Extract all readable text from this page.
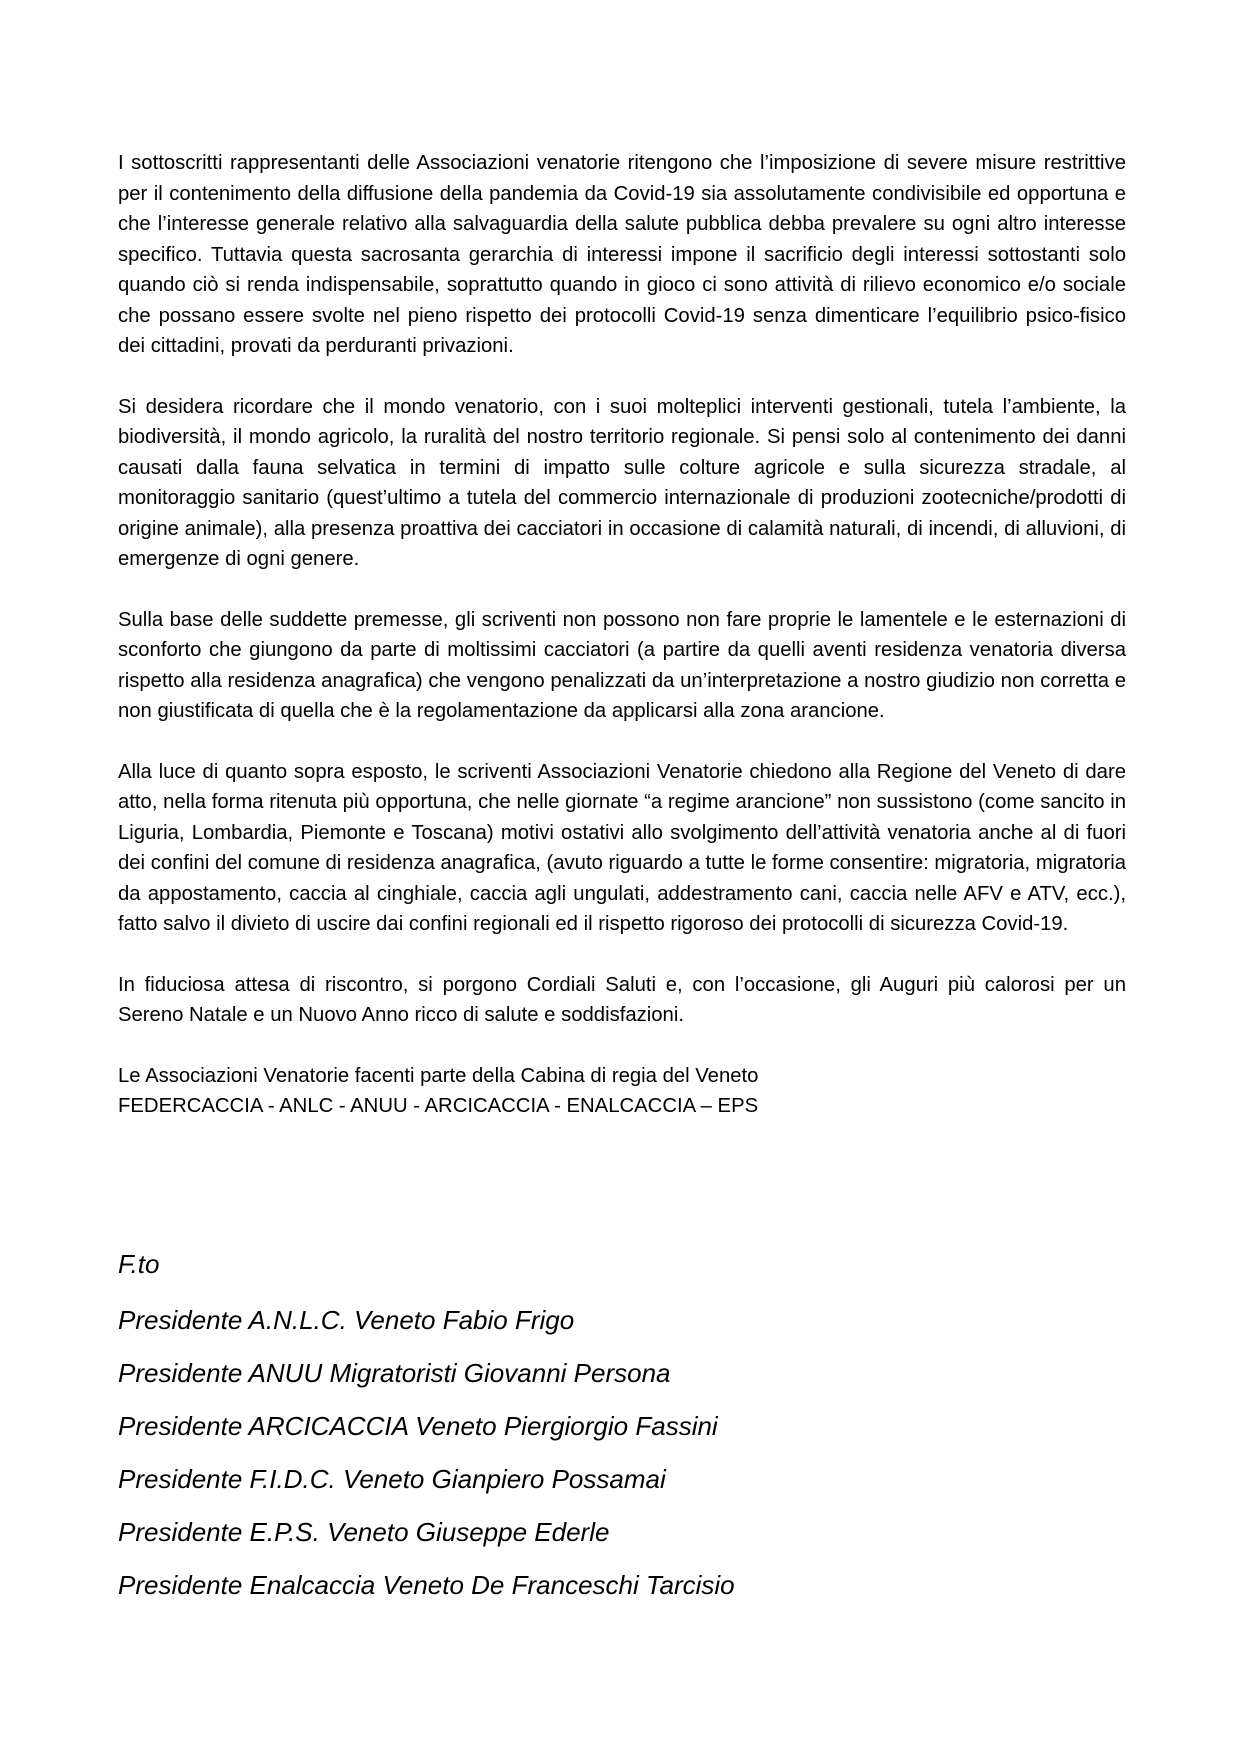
I sottoscritti rappresentanti delle Associazioni venatorie ritengono che l’imposizione di severe misure restrittive per il contenimento della diffusione della pandemia da Covid-19 sia assolutamente condivisibile ed opportuna e che l’interesse generale relativo alla salvaguardia della salute pubblica debba prevalere su ogni altro interesse specifico. Tuttavia questa sacrosanta gerarchia di interessi impone il sacrificio degli interessi sottostanti solo quando ciò si renda indispensabile, soprattutto quando in gioco ci sono attività di rilievo economico e/o sociale che possano essere svolte nel pieno rispetto dei protocolli Covid-19 senza dimenticare l’equilibrio psico-fisico dei cittadini, provati da perduranti privazioni.

Si desidera ricordare che il mondo venatorio, con i suoi molteplici interventi gestionali, tutela l’ambiente, la biodiversità, il mondo agricolo, la ruralità del nostro territorio regionale. Si pensi solo al contenimento dei danni causati dalla fauna selvatica in termini di impatto sulle colture agricole e sulla sicurezza stradale, al monitoraggio sanitario (quest’ultimo a tutela del commercio internazionale di produzioni zootecniche/prodotti di origine animale), alla presenza proattiva dei cacciatori in occasione di calamità naturali, di incendi, di alluvioni, di emergenze di ogni genere.

Sulla base delle suddette premesse, gli scriventi non possono non fare proprie le lamentele e le esternazioni di sconforto che giungono da parte di moltissimi cacciatori (a partire da quelli aventi residenza venatoria diversa rispetto alla residenza anagrafica) che vengono penalizzati da un’interpretazione a nostro giudizio non corretta e non giustificata di quella che è la regolamentazione da applicarsi alla zona arancione.

Alla luce di quanto sopra esposto, le scriventi Associazioni Venatorie chiedono alla Regione del Veneto di dare atto, nella forma ritenuta più opportuna, che nelle giornate “a regime arancione” non sussistono (come sancito in Liguria, Lombardia, Piemonte e Toscana) motivi ostativi allo svolgimento dell’attività venatoria anche al di fuori dei confini del comune di residenza anagrafica, (avuto riguardo a tutte le forme consentire: migratoria, migratoria da appostamento, caccia al cinghiale, caccia agli ungulati, addestramento cani, caccia nelle AFV e ATV, ecc.), fatto salvo il divieto di uscire dai confini regionali ed il rispetto rigoroso dei protocolli di sicurezza Covid-19.

In fiduciosa attesa di riscontro, si porgono Cordiali Saluti e, con l’occasione, gli Auguri più calorosi per un Sereno Natale e un Nuovo Anno ricco di salute e soddisfazioni.

Le Associazioni Venatorie facenti parte della Cabina di regia del Veneto
FEDERCACCIA - ANLC - ANUU - ARCICACCIA - ENALCACCIA – EPS
F.to
Presidente A.N.L.C. Veneto Fabio Frigo
Presidente ANUU Migratoristi Giovanni Persona
Presidente ARCICACCIA Veneto Piergiorgio Fassini
Presidente F.I.D.C. Veneto Gianpiero Possamai
Presidente E.P.S. Veneto Giuseppe Ederle
Presidente Enalcaccia Veneto De Franceschi Tarcisio
